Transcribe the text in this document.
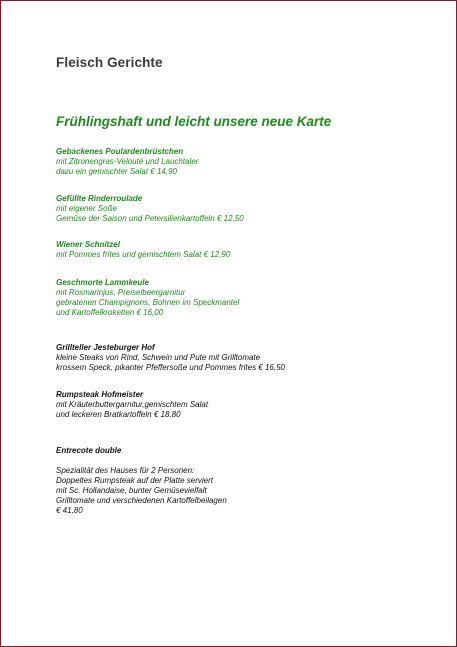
Fleisch Gerichte
Frühlingshaft und leicht unsere neue Karte
Gebackenes Poulardenbrüstchen
mit Zitronengras-Velouté und Lauchtaler
dazu ein gemischter Salat € 14,90
Gefüllte Rinderroulade
mit eigener Soße
Gemüse der Saison und Petersilienkartoffeln € 12,50
Wiener Schnitzel
mit Pommes frites und gemischtem Salat € 12,90
Geschmorte Lammkeule
mit Rosmarinjus, Preiselbeergarnitur
gebratenen Champignons, Bohnen im Speckmantel
und Kartoffelkroketten € 16,00
Grillteller Jesteburger Hof
kleine Steaks von Rind, Schwein und Pute mit Grilltomate
krossem Speck, pikanter Pfeffersoße und Pommes frites € 16,50
Rumpsteak Hofmeister
mit Kräuterbuttergarnitur,gemischtem Salat
und leckeren Bratkartoffeln € 18,80
Entrecote double
Spezialität des Hauses für 2 Personen:
Doppeltes Rumpsteak auf der Platte serviert
mit Sc. Hollandaise, bunter Gemüsevielfalt
Grilltomate und verschiedenen Kartoffelbeilagen
€ 41,80
